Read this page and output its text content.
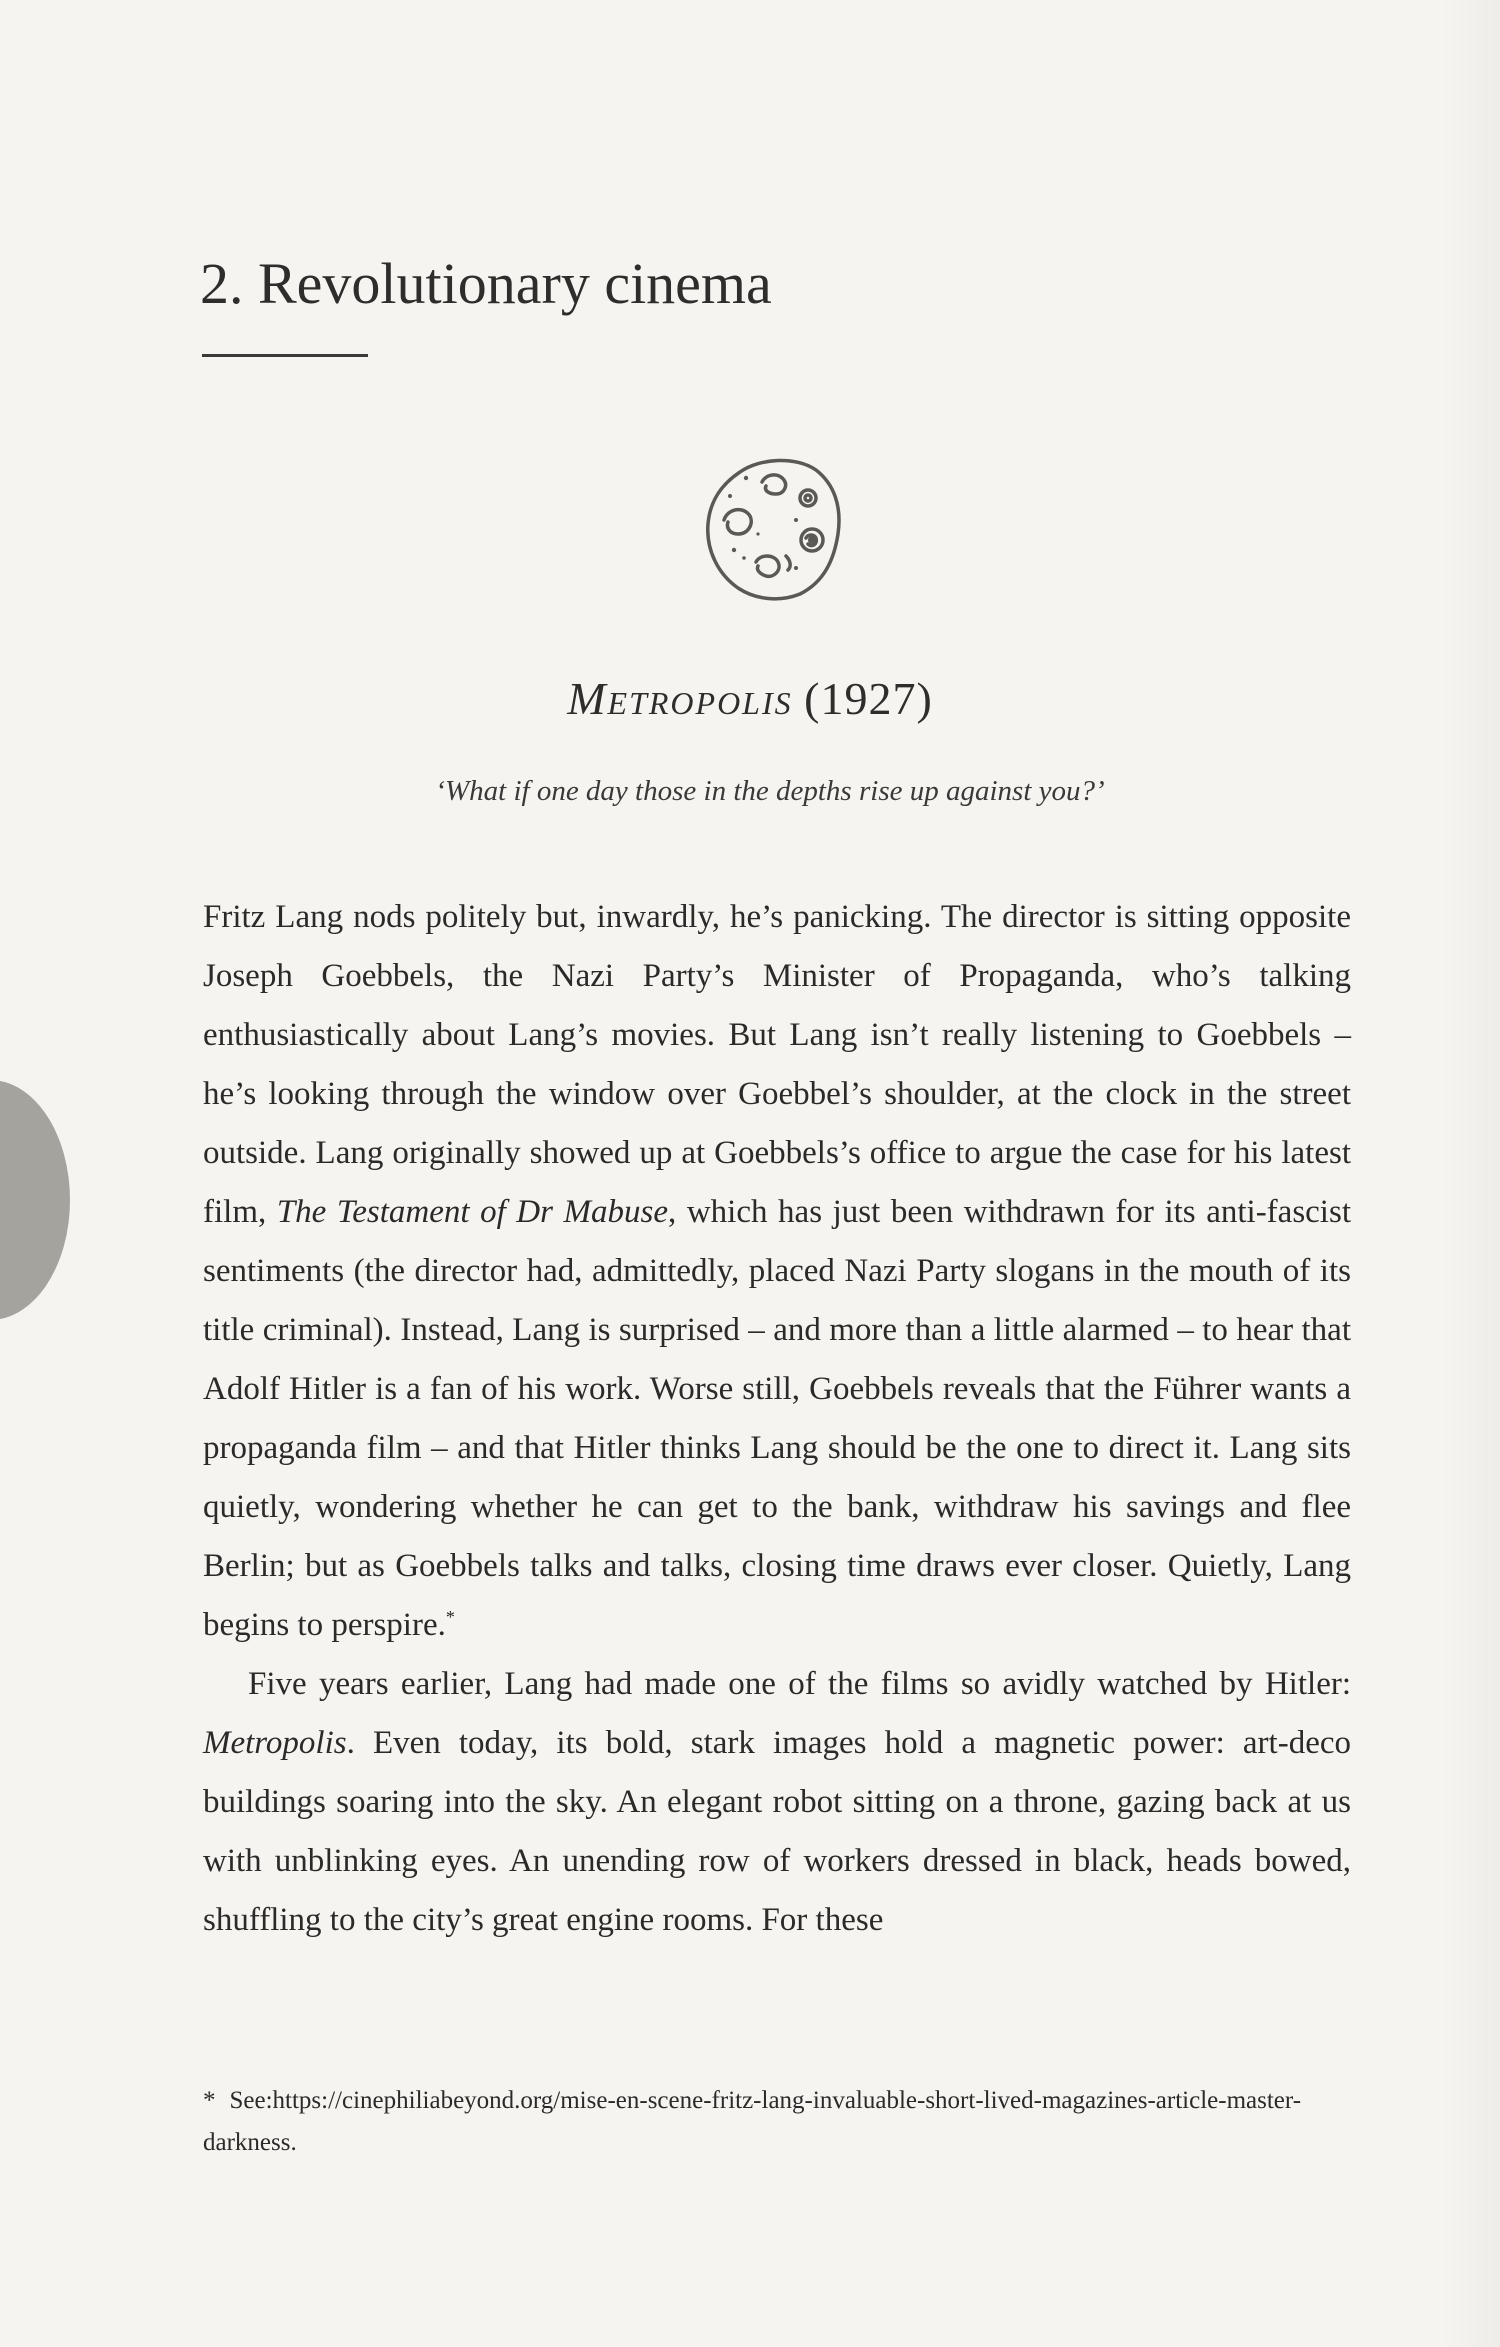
2. Revolutionary cinema
Metropolis (1927)

‘What if one day those in the depths rise up against you?’

Fritz Lang nods politely but, inwardly, he’s panicking. The director is sitting opposite Joseph Goebbels, the Nazi Party’s Minister of Propaganda, who’s talking enthusiastically about Lang’s movies. But Lang isn’t really listening to Goebbels – he’s looking through the window over Goebbel’s shoulder, at the clock in the street outside. Lang originally showed up at Goebbels’s office to argue the case for his latest film, The Testament of Dr Mabuse, which has just been withdrawn for its anti-fascist sentiments (the director had, admittedly, placed Nazi Party slogans in the mouth of its title criminal). Instead, Lang is surprised – and more than a little alarmed – to hear that Adolf Hitler is a fan of his work. Worse still, Goebbels reveals that the Führer wants a propaganda film – and that Hitler thinks Lang should be the one to direct it. Lang sits quietly, wondering whether he can get to the bank, withdraw his savings and flee Berlin; but as Goebbels talks and talks, closing time draws ever closer. Quietly, Lang begins to perspire.*

Five years earlier, Lang had made one of the films so avidly watched by Hitler: Metropolis. Even today, its bold, stark images hold a magnetic power: art-deco buildings soaring into the sky. An elegant robot sitting on a throne, gazing back at us with unblinking eyes. An unending row of workers dressed in black, heads bowed, shuffling to the city’s great engine rooms. For these

* See:https://cinephiliabeyond.org/mise-en-scene-fritz-lang-invaluable-short-lived-magazines-article-master-darkness.
